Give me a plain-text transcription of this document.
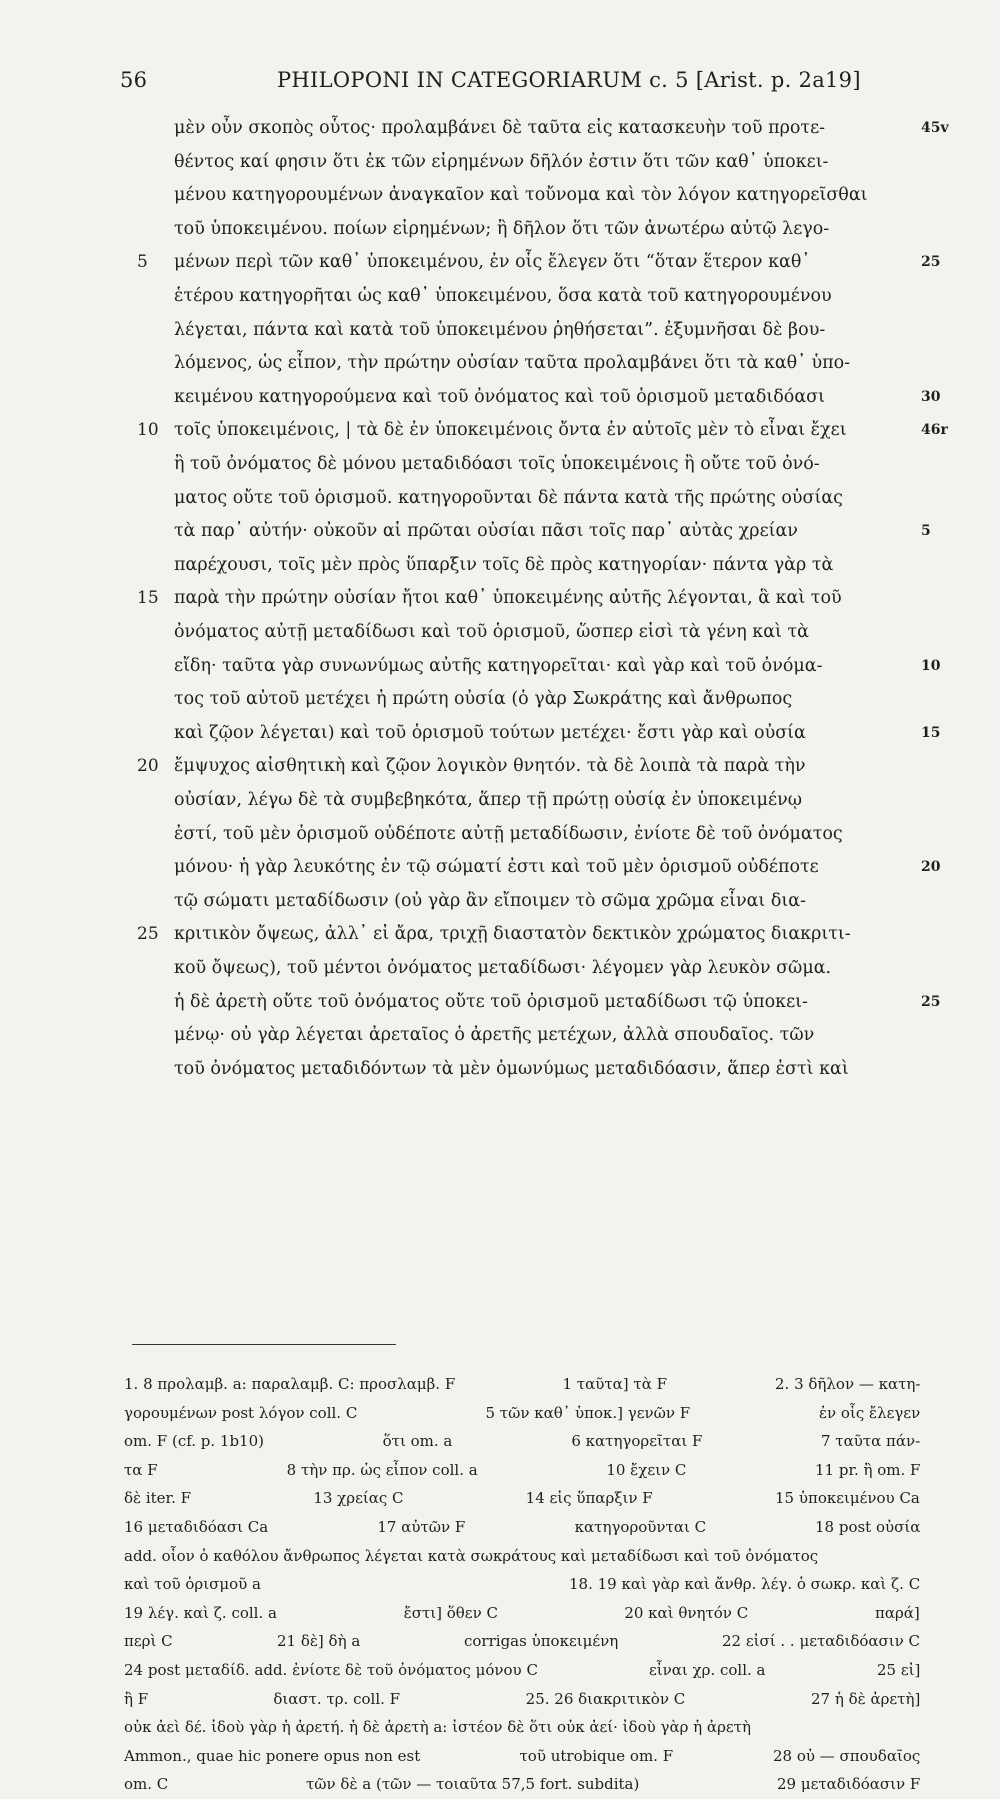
56	PHILOPONI IN CATEGORIARUM c. 5 [Arist. p. 2a19]
μὲν οὖν σκοπὸς οὗτος· προλαμβάνει δὲ ταῦτα εἰς κατασκευὴν τοῦ προτε-	45v
θέντος καί φησιν ὅτι ἐκ τῶν εἰρημένων δῆλόν ἐστιν ὅτι τῶν καθ᾽ ὑποκει-
μένου κατηγορουμένων ἀναγκαῖον καὶ τοὔνομα καὶ τὸν λόγον κατηγορεῖσθαι
τοῦ ὑποκειμένου. ποίων εἰρημένων; ἢ δῆλον ὅτι τῶν ἀνωτέρω αὐτῷ λεγο-
5	μένων περὶ τῶν καθ᾽ ὑποκειμένου, ἐν οἷς ἔλεγεν ὅτι “ὅταν ἕτερον καθ᾽	25
ἑτέρου κατηγορῆται ὡς καθ᾽ ὑποκειμένου, ὅσα κατὰ τοῦ κατηγορουμένου
λέγεται, πάντα καὶ κατὰ τοῦ ὑποκειμένου ῥηθήσεται”. ἐξυμνῆσαι δὲ βου-
λόμενος, ὡς εἶπον, τὴν πρώτην οὐσίαν ταῦτα προλαμβάνει ὅτι τὰ καθ᾽ ὑπο-
κειμένου κατηγορούμενα καὶ τοῦ ὀνόματος καὶ τοῦ ὁρισμοῦ μεταδιδόασι	30
10 τοῖς ὑποκειμένοις, | τὰ δὲ ἐν ὑποκειμένοις ὄντα ἐν αὐτοῖς μὲν τὸ εἶναι ἔχει	46r
ἢ τοῦ ὀνόματος δὲ μόνου μεταδιδόασι τοῖς ὑποκειμένοις ἢ οὔτε τοῦ ὀνό-
ματος οὔτε τοῦ ὁρισμοῦ. κατηγοροῦνται δὲ πάντα κατὰ τῆς πρώτης οὐσίας
τὰ παρ᾽ αὐτήν· οὐκοῦν αἱ πρῶται οὐσίαι πᾶσι τοῖς παρ᾽ αὐτὰς χρείαν	5
παρέχουσι, τοῖς μὲν πρὸς ὕπαρξιν τοῖς δὲ πρὸς κατηγορίαν· πάντα γὰρ τὰ
15 παρὰ τὴν πρώτην οὐσίαν ἤτοι καθ᾽ ὑποκειμένης αὐτῆς λέγονται, ἃ καὶ τοῦ
ὀνόματος αὐτῇ μεταδίδωσι καὶ τοῦ ὁρισμοῦ, ὥσπερ εἰσὶ τὰ γένη καὶ τὰ
εἴδη· ταῦτα γὰρ συνωνύμως αὐτῆς κατηγορεῖται· καὶ γὰρ καὶ τοῦ ὀνόμα-	10
τος τοῦ αὐτοῦ μετέχει ἡ πρώτη οὐσία (ὁ γὰρ Σωκράτης καὶ ἄνθρωπος
καὶ ζῷον λέγεται) καὶ τοῦ ὁρισμοῦ τούτων μετέχει· ἔστι γὰρ καὶ οὐσία	15
20 ἔμψυχος αἰσθητικὴ καὶ ζῷον λογικὸν θνητόν. τὰ δὲ λοιπὰ τὰ παρὰ τὴν
οὐσίαν, λέγω δὲ τὰ συμβεβηκότα, ἅπερ τῇ πρώτῃ οὐσίᾳ ἐν ὑποκειμένῳ
ἐστί, τοῦ μὲν ὁρισμοῦ οὐδέποτε αὐτῇ μεταδίδωσιν, ἐνίοτε δὲ τοῦ ὀνόματος
μόνου· ἡ γὰρ λευκότης ἐν τῷ σώματί ἐστι καὶ τοῦ μὲν ὁρισμοῦ οὐδέποτε	20
τῷ σώματι μεταδίδωσιν (οὐ γὰρ ἂν εἴποιμεν τὸ σῶμα χρῶμα εἶναι δια-
25 κριτικὸν ὄψεως, ἀλλ᾽ εἰ ἄρα, τριχῇ διαστατὸν δεκτικὸν χρώματος διακριτι-
κοῦ ὄψεως), τοῦ μέντοι ὀνόματος μεταδίδωσι· λέγομεν γὰρ λευκὸν σῶμα.
ἡ δὲ ἀρετὴ οὔτε τοῦ ὀνόματος οὔτε τοῦ ὁρισμοῦ μεταδίδωσι τῷ ὑποκει-	25
μένῳ· οὐ γὰρ λέγεται ἀρεταῖος ὁ ἀρετῆς μετέχων, ἀλλὰ σπουδαῖος. τῶν
τοῦ ὀνόματος μεταδιδόντων τὰ μὲν ὁμωνύμως μεταδιδόασιν, ἅπερ ἐστὶ καὶ
1. 8 προλαμβ. a: παραλαμβ. C: προσλαμβ. F	1 ταῦτα] τὰ F	2. 3 δῆλον — κατη-
γορουμένων post λόγον coll. C	5 τῶν καθ᾽ ὑποκ.] γενῶν F	ἐν οἷς ἔλεγεν
om. F (cf. p. 1b10)	ὅτι om. a	6 κατηγορεῖται F	7 ταῦτα πάν-
τα F	8 τὴν πρ. ὡς εἶπον coll. a	10 ἔχειν C	11 pr. ἢ om. F
δὲ iter. F	13 χρείας C	14 εἰς ὕπαρξιν F	15 ὑποκειμένου Ca
16 μεταδιδόασι Ca	17 αὐτῶν F	κατηγοροῦνται C	18 post οὐσία
add. οἷον ὁ καθόλου ἄνθρωπος λέγεται κατὰ σωκράτους καὶ μεταδίδωσι καὶ τοῦ ὀνόματος
καὶ τοῦ ὁρισμοῦ a	18. 19 καὶ γὰρ καὶ ἄνθρ. λέγ. ὁ σωκρ. καὶ ζ. C
19 λέγ. καὶ ζ. coll. a	ἔστι] ὅθεν C	20 καὶ θνητόν C	παρά]
περὶ C	21 δὲ] δὴ a	corrigas ὑποκειμένη	22 εἰσί . . μεταδιδόασιν C
24 post μεταδίδ. add. ἐνίοτε δὲ τοῦ ὀνόματος μόνου C	εἶναι χρ. coll. a	25 εἰ]
ἢ F	διαστ. τρ. coll. F	25. 26 διακριτικὸν C	27 ἡ δὲ ἀρετὴ]
οὐκ ἀεὶ δέ. ἰδοὺ γὰρ ἡ ἀρετή. ἡ δὲ ἀρετὴ a: ἰστέον δὲ ὅτι οὐκ ἀεί· ἰδοὺ γὰρ ἡ ἀρετὴ
Ammon., quae hic ponere opus non est	τοῦ utrobique om. F	28 οὐ — σπουδαῖος
om. C	τῶν δὲ a (τῶν — τοιαῦτα 57,5 fort. subdita)	29 μεταδιδόασιν F
